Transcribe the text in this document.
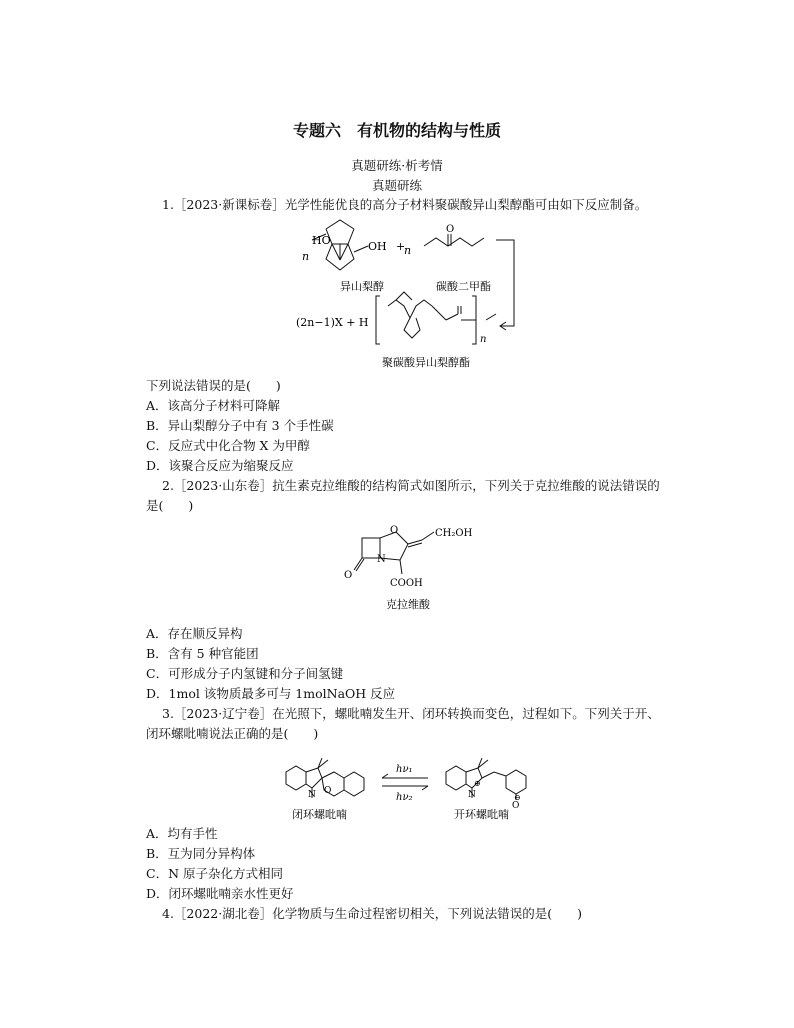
专题六　有机物的结构与性质
真题研练·析考情
真题研练
1.［2023·新课标卷］光学性能优良的高分子材料聚碳酸异山梨醇酯可由如下反应制备。
n
HO	OH +
n
O
异山梨醇	碳酸二甲酯
(2n−1)X + H
n
聚碳酸异山梨醇酯
下列说法错误的是(　　)
A．该高分子材料可降解
B．异山梨醇分子中有 3 个手性碳
C．反应式中化合物 X 为甲醇
D．该聚合反应为缩聚反应
2.［2023·山东卷］抗生素克拉维酸的结构简式如图所示，下列关于克拉维酸的说法错误的
是(　　)
CH₂OH
O
N
O
COOH
克拉维酸
A．存在顺反异构
B．含有 5 种官能团
C．可形成分子内氢键和分子间氢键
D．1mol 该物质最多可与 1molNaOH 反应
3.［2023·辽宁卷］在光照下，螺吡喃发生开、闭环转换而变色，过程如下。下列关于开、
闭环螺吡喃说法正确的是(　　)
N O
hν₁
hν₂	N
⊕
O
⊖
闭环螺吡喃	开环螺吡喃
A．均有手性
B．互为同分异构体
C．N 原子杂化方式相同
D．闭环螺吡喃亲水性更好
4.［2022·湖北卷］化学物质与生命过程密切相关，下列说法错误的是(　　)
